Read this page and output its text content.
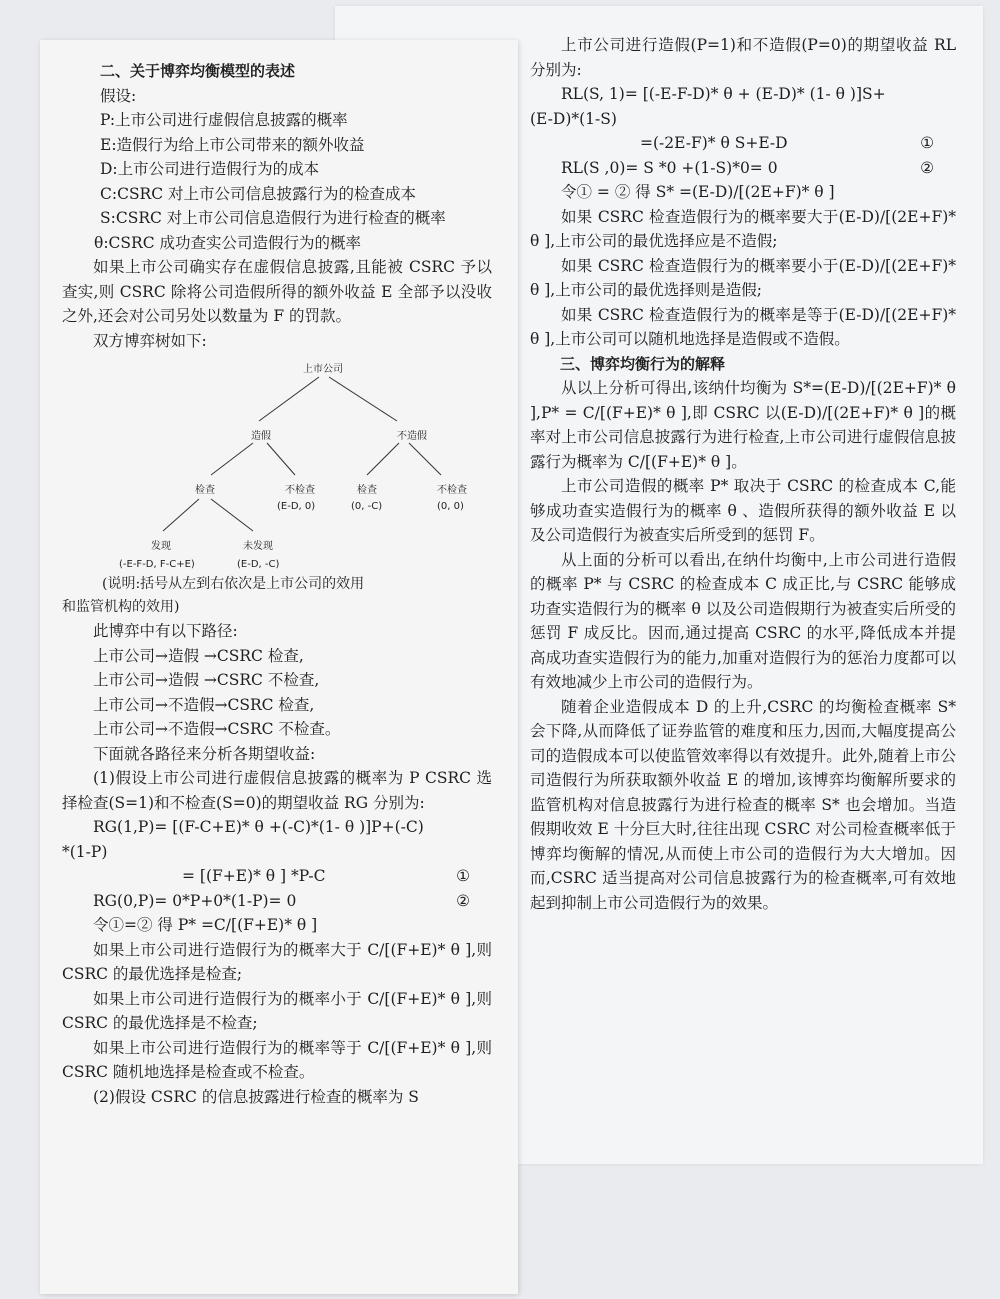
二、关于博弈均衡模型的表述

假设:

P:上市公司进行虚假信息披露的概率

E:造假行为给上市公司带来的额外收益

D:上市公司进行造假行为的成本

C:CSRC 对上市公司信息披露行为的检查成本

S:CSRC 对上市公司信息造假行为进行检查的概率

θ:CSRC 成功查实公司造假行为的概率

如果上市公司确实存在虚假信息披露,且能被 CSRC 予以查实,则 CSRC 除将公司造假所得的额外收益 E 全部予以没收之外,还会对公司另处以数量为 F 的罚款。

双方博弈树如下:

上市公司
造假	不造假
检查	不检查
(E-D, 0)
检查
(0, -C)
不检查
(0, 0)
发现
(-E-F-D, F-C+E)
未发现
(E-D, -C)

(说明:括号从左到右依次是上市公司的效用

和监管机构的效用)

此博弈中有以下路径:

上市公司→造假 →CSRC 检查,

上市公司→造假 →CSRC 不检查,

上市公司→不造假→CSRC 检查,

上市公司→不造假→CSRC 不检查。

下面就各路径来分析各期望收益:

(1)假设上市公司进行虚假信息披露的概率为 P CSRC 选择检查(S=1)和不检查(S=0)的期望收益 RG 分别为:

RG(1,P)= [(F-C+E)* θ +(-C)*(1- θ )]P+(-C)

*(1-P)

= [(F+E)* θ ] *P-C	①

RG(0,P)= 0*P+0*(1-P)= 0	②

令①=② 得 P* =C/[(F+E)* θ ]

如果上市公司进行造假行为的概率大于 C/[(F+E)* θ ],则 CSRC 的最优选择是检查;

如果上市公司进行造假行为的概率小于 C/[(F+E)* θ ],则 CSRC 的最优选择是不检查;

如果上市公司进行造假行为的概率等于 C/[(F+E)* θ ],则 CSRC 随机地选择是检查或不检查。

(2)假设 CSRC 的信息披露进行检查的概率为 S

上市公司进行造假(P=1)和不造假(P=0)的期望收益 RL 分别为:

RL(S, 1)= [(-E-F-D)* θ + (E-D)* (1- θ )]S+

(E-D)*(1-S)

=(-2E-F)* θ S+E-D	①

RL(S ,0)= S *0 +(1-S)*0= 0	②

令① = ② 得 S* =(E-D)/[(2E+F)* θ ]

如果 CSRC 检查造假行为的概率要大于(E-D)/[(2E+F)* θ ],上市公司的最优选择应是不造假;

如果 CSRC 检查造假行为的概率要小于(E-D)/[(2E+F)* θ ],上市公司的最优选择则是造假;

如果 CSRC 检查造假行为的概率是等于(E-D)/[(2E+F)* θ ],上市公司可以随机地选择是造假或不造假。

三、博弈均衡行为的解释

从以上分析可得出,该纳什均衡为 S*=(E-D)/[(2E+F)* θ ],P* = C/[(F+E)* θ ],即 CSRC 以(E-D)/[(2E+F)* θ ]的概率对上市公司信息披露行为进行检查,上市公司进行虚假信息披露行为概率为 C/[(F+E)* θ ]。

上市公司造假的概率 P* 取决于 CSRC 的检查成本 C,能够成功查实造假行为的概率 θ 、造假所获得的额外收益 E 以及公司造假行为被查实后所受到的惩罚 F。

从上面的分析可以看出,在纳什均衡中,上市公司进行造假的概率 P* 与 CSRC 的检查成本 C 成正比,与 CSRC 能够成功查实造假行为的概率 θ 以及公司造假期行为被查实后所受的惩罚 F 成反比。因而,通过提高 CSRC 的水平,降低成本并提高成功查实造假行为的能力,加重对造假行为的惩治力度都可以有效地减少上市公司的造假行为。

随着企业造假成本 D 的上升,CSRC 的均衡检查概率 S* 会下降,从而降低了证券监管的难度和压力,因而,大幅度提高公司的造假成本可以使监管效率得以有效提升。此外,随着上市公司造假行为所获取额外收益 E 的增加,该博弈均衡解所要求的监管机构对信息披露行为进行检查的概率 S* 也会增加。当造假期收效 E 十分巨大时,往往出现 CSRC 对公司检查概率低于博弈均衡解的情况,从而使上市公司的造假行为大大增加。因而,CSRC 适当提高对公司信息披露行为的检查概率,可有效地起到抑制上市公司造假行为的效果。
